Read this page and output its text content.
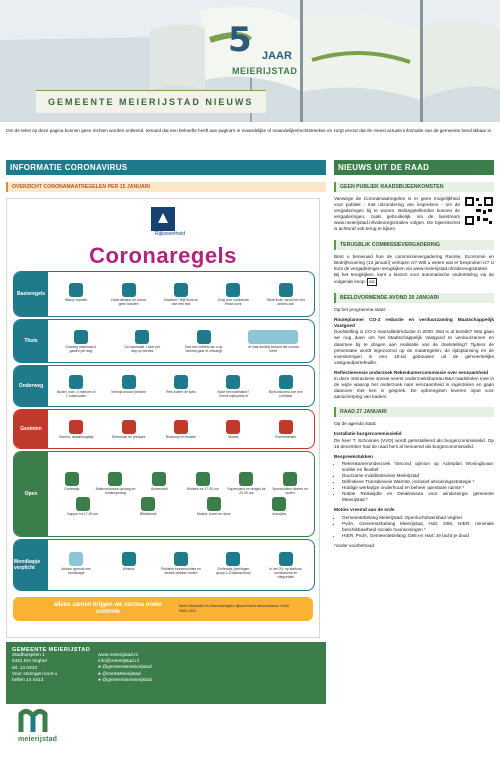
5 JAAR
MEIERIJSTAD
GEMEENTE MEIERIJSTAD NIEUWS
Om de tekst op deze pagina kunnen geen rechten worden ontleend. Iemand dat een behoefte heeft aan pagina's in maandelijke of maandelijke/rechtstreekse en zorgt ervoor dat de meest actuele informatie van de gemeente beschikbaar is.
INFORMATIE CORONAVIRUS
OVERZICHT CORONAMAATREGELEN PER 15 JANUARI
Rijksoverheid
Coronaregels
Basisregels
Was je handen	Houd afstand en schud geen handen
Klachten? Blijf thuis en doe een test
Zorg voor voldoende frisse lucht
Werk thuis, tenzij het niet anders kan
Thuis
Ontvang maximaal 4 gasten per dag
Ga maximaal 1 keer per dag op bezoek
Doe een zelftest als u op bezoek gaat of ontvangt
Je was dichtbij iemand die corona heeft
Onderweg
Buiten: max. 4 mensen of 1 huishouden
Vermijd drukke plekken	Reis buiten de spits	Naar het buitenland? Check wijsopreis.nl
Bij thuiskomst doe een (zelf)test
Gesloten
Horeca, afhaalmogelijk	Dierentuin en pretpark	Bioscoop en theater	Musea	Evenementen
Open
Onderwijs	Buitenschoolse opvang en kinderopvang
Universiteit	Winkels tot 17.00 uur	Supermarkt en drogist tot 20.00 uur
Sportscholen binnen en buiten
Kapper tot 17.00 uur	Bibliotheek	Musea, tonen en dans	Autorijles
Mondkapje verplicht	Advies: gebruik een mondkapje
Winkels	Publieke binnenruimtes en drukke plekken buiten
Onderwijs (leerlingen groep 1-5 basisschool)
In het OV, op stations, luchthavens en vliegvelden
alleen samen krijgen we corona onder controle
Meer informatie en uitzonderingen: rijksoverheid.nl/coronavirus of bel 0800-1351
GEMEENTE MEIERIJSTAD
Stadhuisplein 1
5461 KN Veghel
tel. 14 0413
Voor storingen kunt u
bellen 14 0413
www.meierijstad.nl
info@meierijstad.nl
● @gemeentemeierijstad
● @GemMeierijstad
● @gemeentemeierijstad
meierijstad
NIEUWS UIT DE RAAD
GEEN PUBLIEK RAADSBIJEENKOMSTEN
Vanwege de Coronamaatregelen is er geen mogelijkheid voor publiek - met uitzondering van insprekers - om de vergaderingen bij te wonen. Belangstellenden kunnen de vergaderingen, zoals gebruikelijk, via de livestream www.meierijstad.nl/videoregistraties volgen. De bijeenkomst is achteraf ook terug te kijken.
TERUGBLIK COMMISSIEVERGADERING
Bent u benieuwd hoe de commissievergadering Ruimte, Economie en Bedrijfsvoering (13 januari) verlopen is? Wilt u weten wat er besproken is? U kunt de vergaderingen terugkijken via www.meierijstad.nl/videoregistraties
Bij het terugkijken, kunt u kiezen voor automatische ondertiteling via de volgende knop: CC
BEELDVORMENDE AVOND 20 JANUARI
Op het programma staat:
Routeplanner CO-2 reductie en verduurzaming Maatschappelijk Vastgoed
Doelstelling is CO-2 neutraliteitreductie in 2030. Wat is al bereikt? Wat gaan we nog doen om het Maatschappelijk Vastgoed te verduurzamen en daarmee bij te dragen aan realisatie van de doelstelling? Tijdens de presentatie wordt ingezoomd op de maatregelen, de tijdsplanning en de investeringen in een 18-tal gebouwen uit de gemeentelijke vastgoedportefeuille.
Reflectiesessie onderzoek Rekenkamercommissie over eenzaamheid
In deze interactieve sessie neemt onderzoeksbureau B&A raadsleden mee in de wijze waarop het onderzoek naar eenzaamheid is ingestoken en gaan daarover met hen in gesprek. De opbrengsten leveren input voor aanscherping van kaders.
RAAD 27 JANUARI
Op de agenda staat:
Installatie burgercommissielid
De heer T. Schoones (VVD) wordt geïnstalleerd als burgercommissielid. Op 16 december had de raad hem al benoemd als burgercommissielid.
Bespreekstukken
• Rekenkameronderzoek 'Second opinion op Actieplan Woningbouw: sneller en flexibel'
• Duurzame mobiliteitsvisie Meierijstad
• Definitieve Transitievisie Warmte, inclusief uitvoeringsstrategie *
• Huidige werkwijze onderhoud en beheer openbare ruimte *
• Notitie Reikwijdte en Detailniveau voor windenergie gemeente Meierijstad *
Moties vreemd aan de orde
• Gemeentebelang Meierijstad: Openluchtzwembad Veghel
• PvdA, Gemeentebelang Meierijstad, Hart, D66, HIER: minimale beschikbaarheid sociale huurwoningen *
• HIER, PvdA, Gemeentebelang, D66 en Hart: Je lacht je dood
*onder voorbehoud
